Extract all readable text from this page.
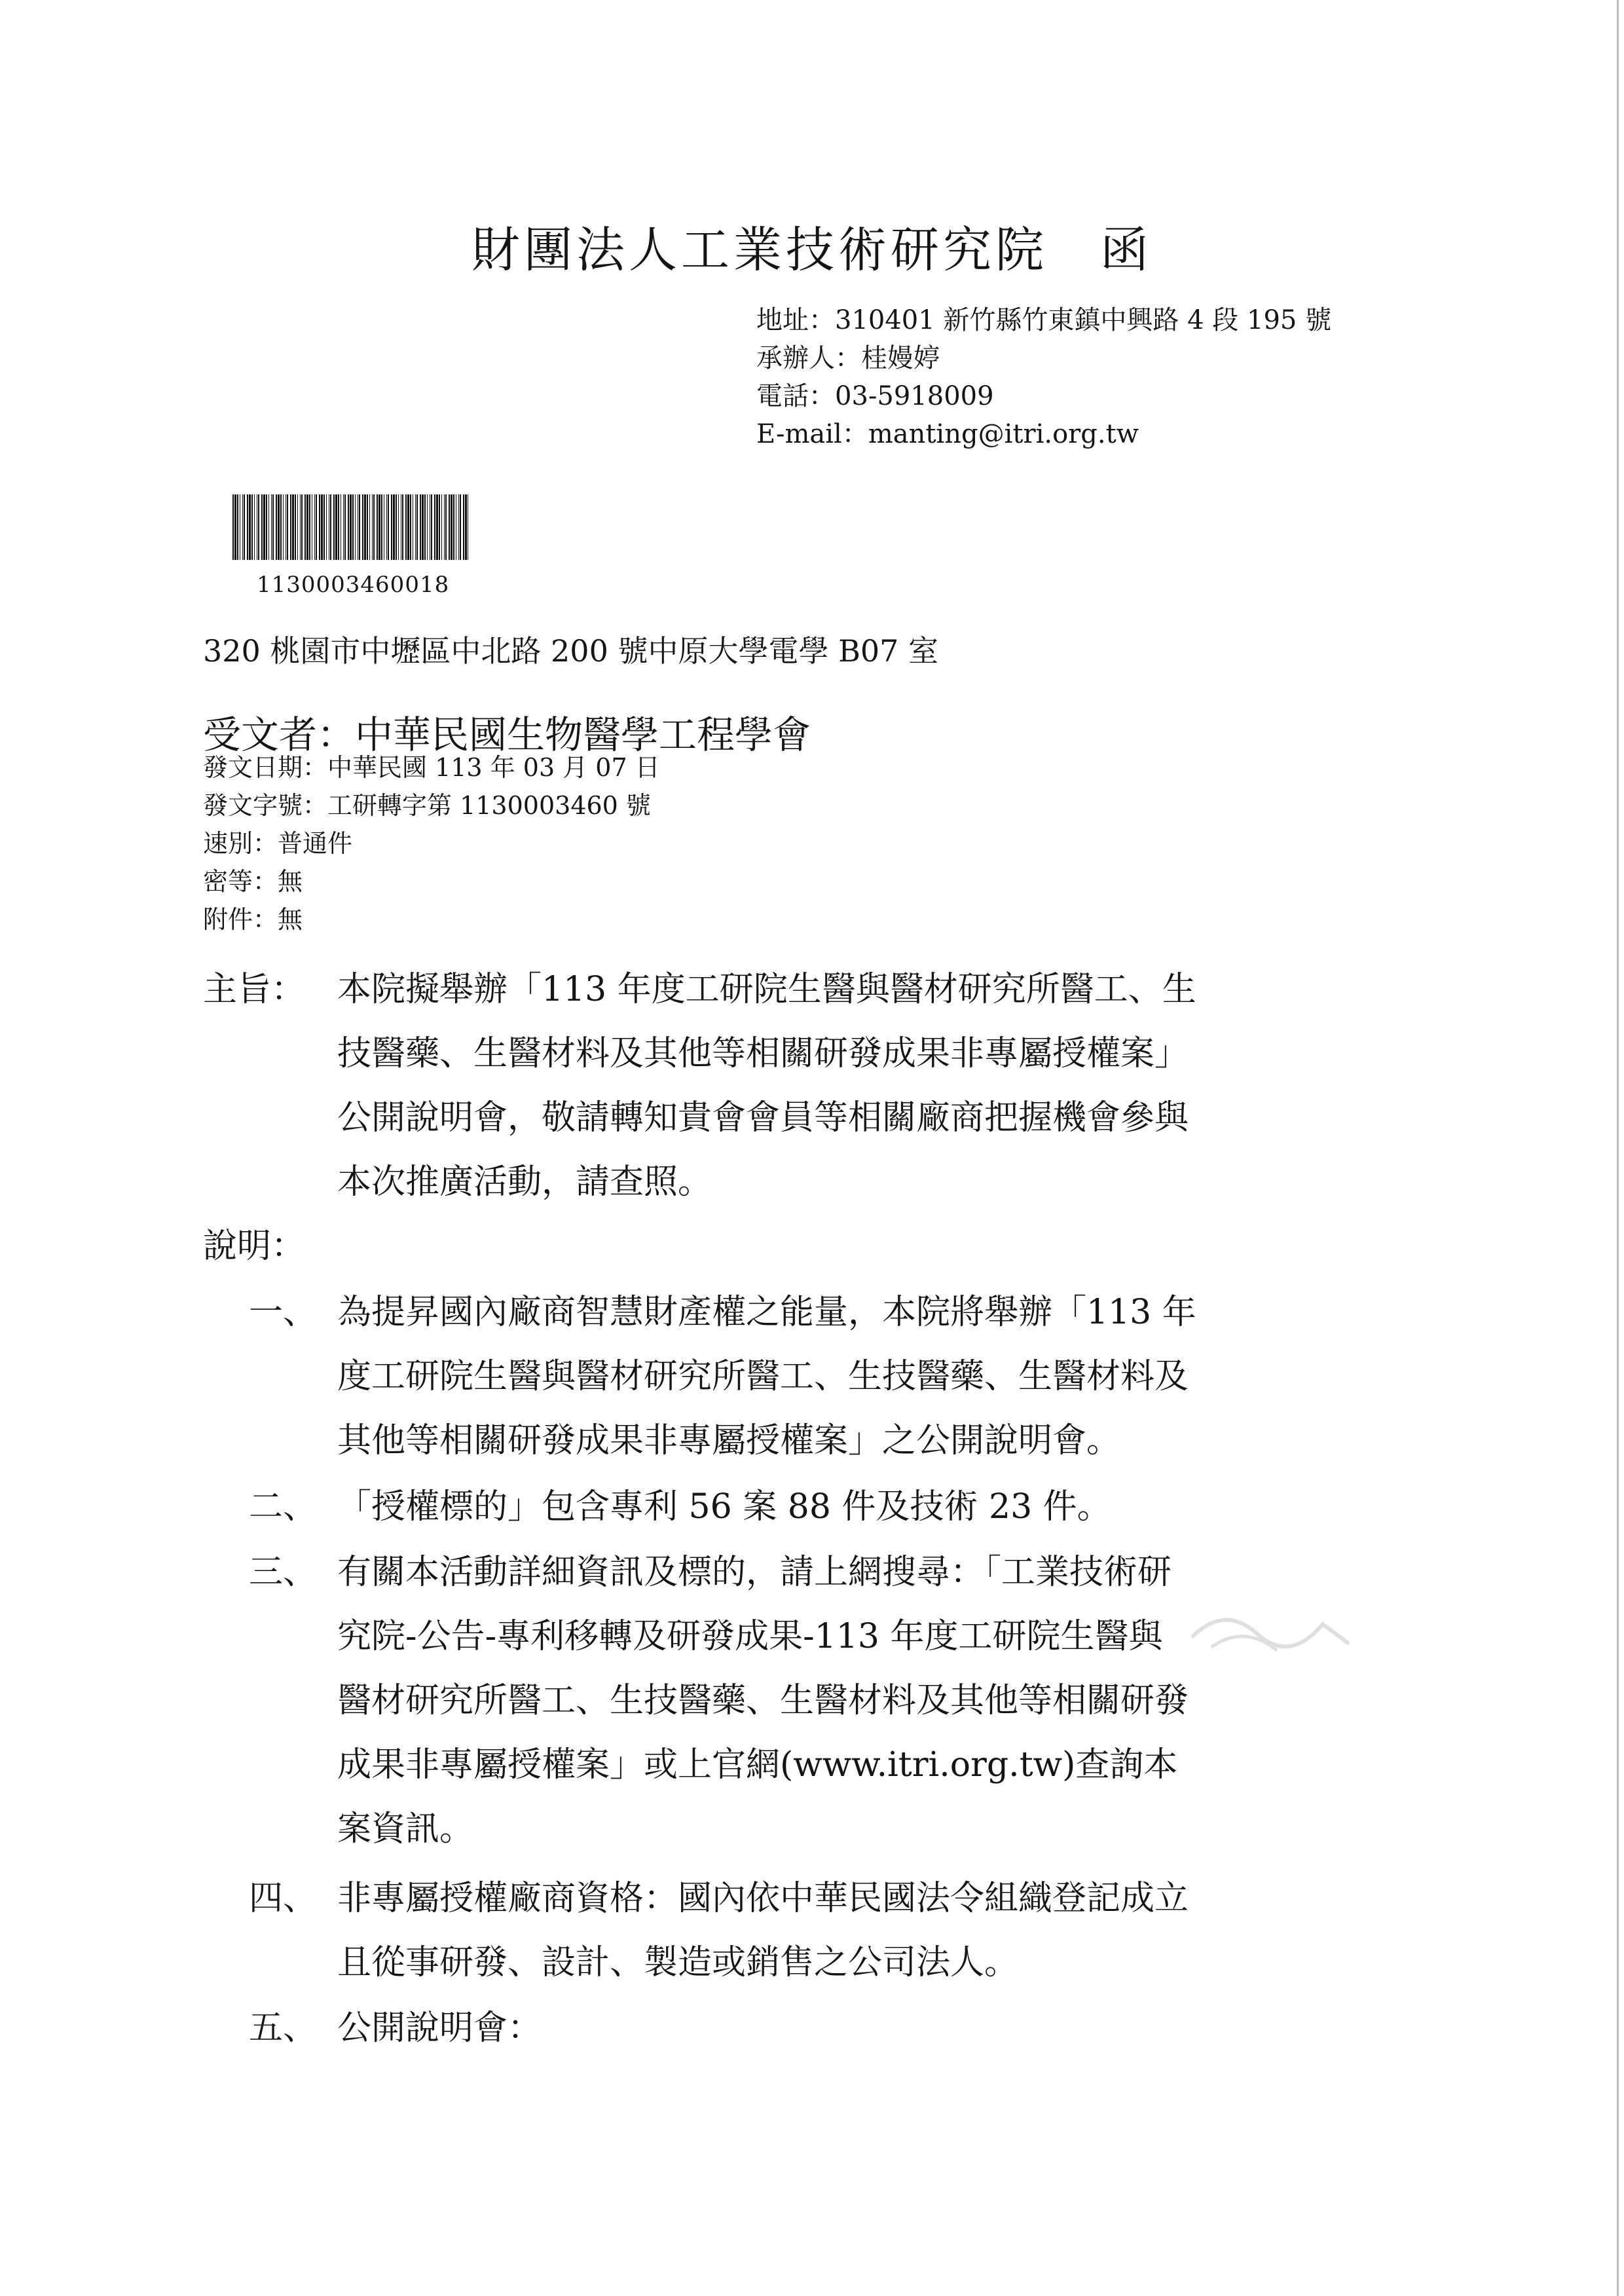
財團法人工業技術研究院　函
地址：310401 新竹縣竹東鎮中興路 4 段 195 號
承辦人：桂嫚婷
電話：03-5918009
E-mail：manting@itri.org.tw
1130003460018
320 桃園市中壢區中北路 200 號中原大學電學 B07 室
受文者：中華民國生物醫學工程學會
發文日期：中華民國 113 年 03 月 07 日
發文字號：工研轉字第 1130003460 號
速別：普通件
密等：無
附件：無
主旨： 本院擬舉辦「113 年度工研院生醫與醫材研究所醫工、生
技醫藥、生醫材料及其他等相關研發成果非專屬授權案」
公開說明會，敬請轉知貴會會員等相關廠商把握機會參與
本次推廣活動，請查照。
說明：
一、 為提昇國內廠商智慧財產權之能量，本院將舉辦「113 年
度工研院生醫與醫材研究所醫工、生技醫藥、生醫材料及
其他等相關研發成果非專屬授權案」之公開說明會。
二、 「授權標的」包含專利 56 案 88 件及技術 23 件。
三、 有關本活動詳細資訊及標的，請上網搜尋：「工業技術研
究院-公告-專利移轉及研發成果-113 年度工研院生醫與
醫材研究所醫工、生技醫藥、生醫材料及其他等相關研發
成果非專屬授權案」或上官網(www.itri.org.tw)查詢本
案資訊。
四、 非專屬授權廠商資格：國內依中華民國法令組織登記成立
且從事研發、設計、製造或銷售之公司法人。
五、 公開說明會：
